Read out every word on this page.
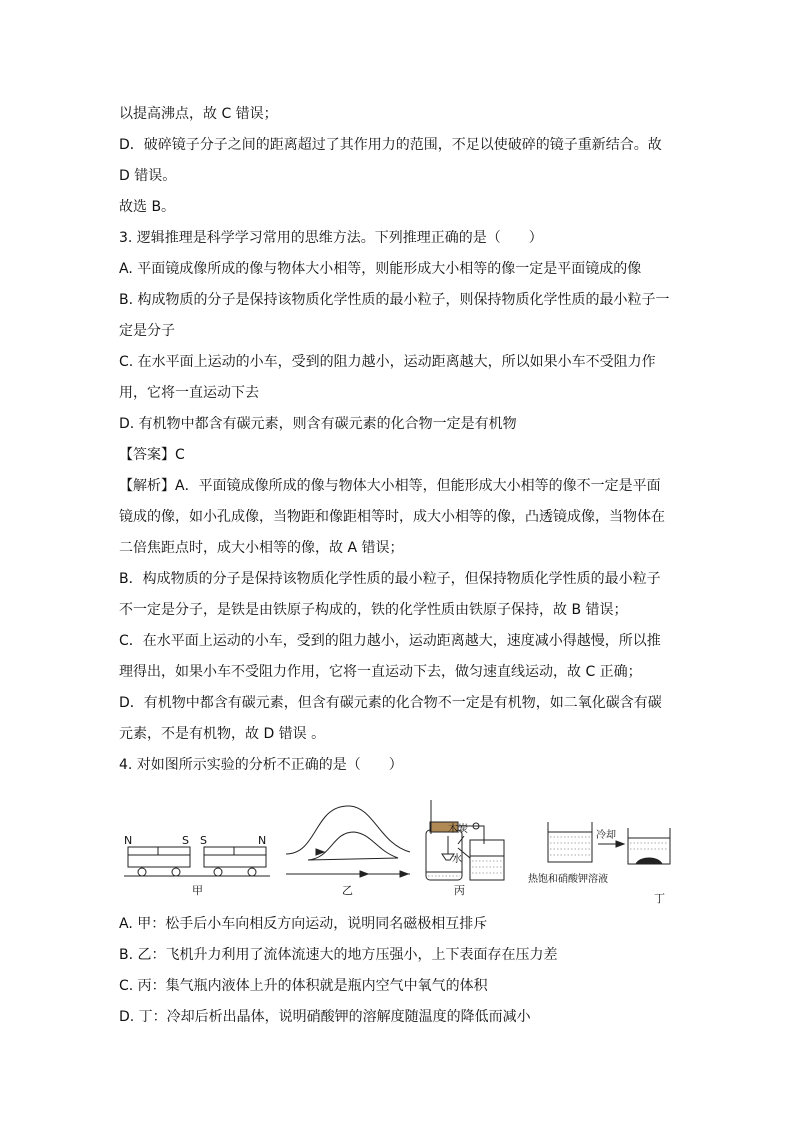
以提高沸点，故 C 错误；
D．破碎镜子分子之间的距离超过了其作用力的范围，不足以使破碎的镜子重新结合。故
D 错误。
故选 B。
3. 逻辑推理是科学学习常用的思维方法。下列推理正确的是（　　）
A. 平面镜成像所成的像与物体大小相等，则能形成大小相等的像一定是平面镜成的像
B. 构成物质的分子是保持该物质化学性质的最小粒子，则保持物质化学性质的最小粒子一
定是分子
C. 在水平面上运动的小车，受到的阻力越小，运动距离越大，所以如果小车不受阻力作
用，它将一直运动下去
D. 有机物中都含有碳元素，则含有碳元素的化合物一定是有机物
【答案】C
【解析】A．平面镜成像所成的像与物体大小相等，但能形成大小相等的像不一定是平面
镜成的像，如小孔成像，当物距和像距相等时，成大小相等的像，凸透镜成像，当物体在
二倍焦距点时，成大小相等的像，故 A 错误；
B．构成物质的分子是保持该物质化学性质的最小粒子，但保持物质化学性质的最小粒子
不一定是分子，是铁是由铁原子构成的，铁的化学性质由铁原子保持，故 B 错误；
C．在水平面上运动的小车，受到的阻力越小，运动距离越大，速度减小得越慢，所以推
理得出，如果小车不受阻力作用，它将一直运动下去，做匀速直线运动，故 C 正确；
D．有机物中都含有碳元素，但含有碳元素的化合物不一定是有机物，如二氧化碳含有碳
元素，不是有机物，故 D 错误 。
4. 对如图所示实验的分析不正确的是（　　）
N	S S	N
甲	乙	丙
丁
木炭
水
冷却
热饱和硝酸钾溶液
A. 甲：松手后小车向相反方向运动，说明同名磁极相互排斥
B. 乙：飞机升力利用了流体流速大的地方压强小，上下表面存在压力差
C. 丙：集气瓶内液体上升的体积就是瓶内空气中氧气的体积
D. 丁：冷却后析出晶体，说明硝酸钾的溶解度随温度的降低而减小
